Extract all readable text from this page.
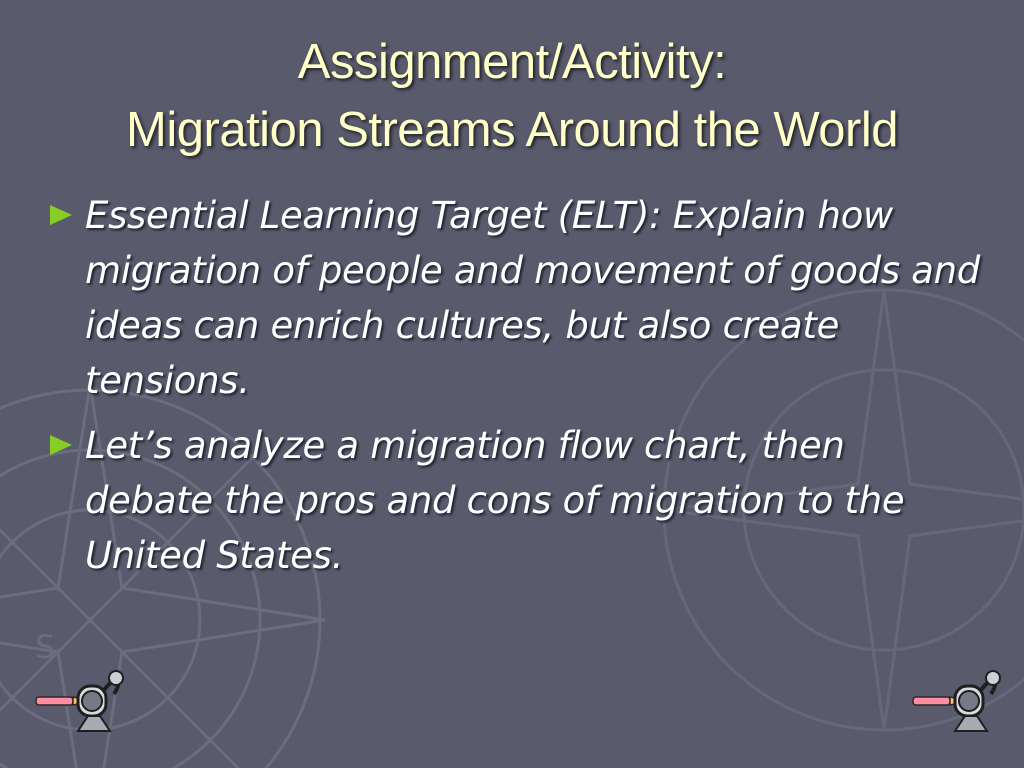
S
Assignment/Activity:
Migration Streams Around the World
Essential Learning Target (ELT): Explain how migration of people and movement of goods and ideas can enrich cultures, but also create tensions.
Let’s analyze a migration flow chart, then debate the pros and cons of migration to the United States.
